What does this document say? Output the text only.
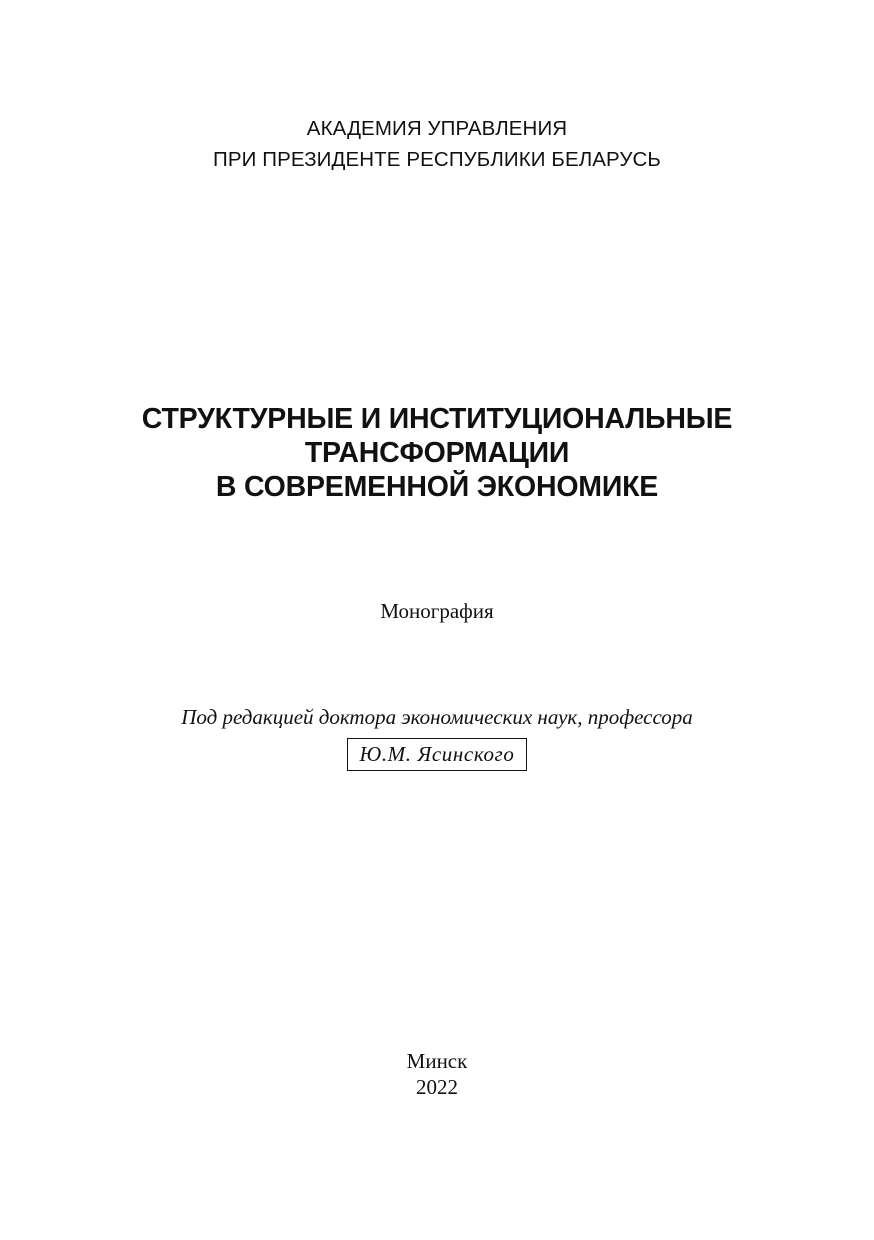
АКАДЕМИЯ УПРАВЛЕНИЯ
ПРИ ПРЕЗИДЕНТЕ РЕСПУБЛИКИ БЕЛАРУСЬ
СТРУКТУРНЫЕ И ИНСТИТУЦИОНАЛЬНЫЕ
ТРАНСФОРМАЦИИ
В СОВРЕМЕННОЙ ЭКОНОМИКЕ
Монография
Под редакцией доктора экономических наук, профессора
Ю.М. Ясинского
Минск
2022
